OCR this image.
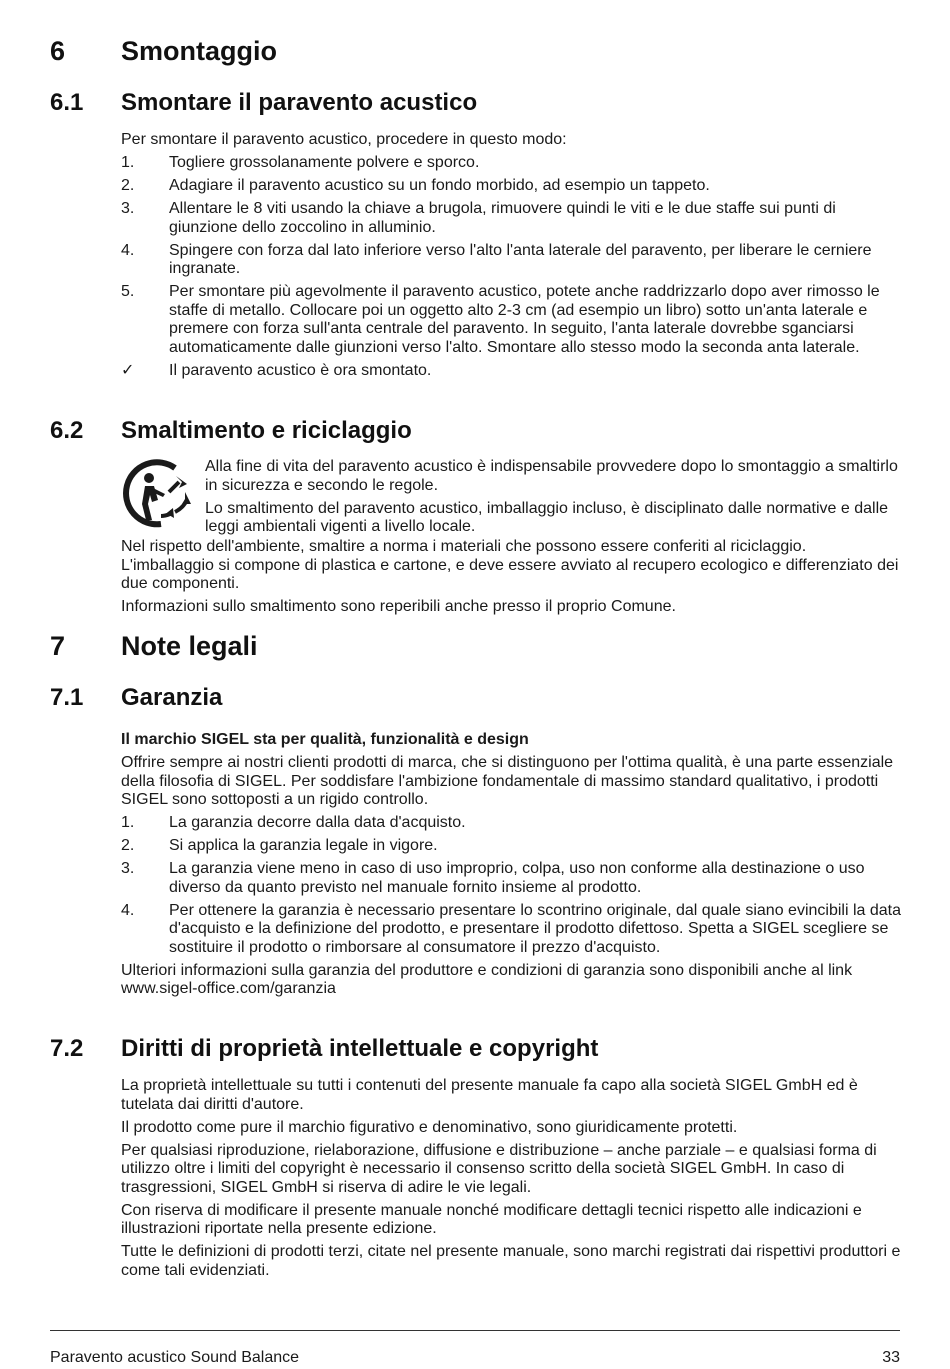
6 Smontaggio
6.1 Smontare il paravento acustico

Per smontare il paravento acustico, procedere in questo modo:

1. Togliere grossolanamente polvere e sporco.
2. Adagiare il paravento acustico su un fondo morbido, ad esempio un tappeto.
3. Allentare le 8 viti usando la chiave a brugola, rimuovere quindi le viti e le due staffe sui punti di giunzione dello zoccolino in alluminio.
4. Spingere con forza dal lato inferiore verso l'alto l'anta laterale del paravento, per liberare le cerniere ingranate.
5. Per smontare più agevolmente il paravento acustico, potete anche raddrizzarlo dopo aver rimosso le staffe di metallo. Collocare poi un oggetto alto 2-3 cm (ad esempio un libro) sotto un'anta laterale e premere con forza sull'anta centrale del paravento. In seguito, l'anta laterale dovrebbe sganciarsi automaticamente dalle giunzioni verso l'alto. Smontare allo stesso modo la seconda anta laterale.
✓ Il paravento acustico è ora smontato.
6.2 Smaltimento e riciclaggio

Alla fine di vita del paravento acustico è indispensabile provvedere dopo lo smontaggio a smaltirlo in sicurezza e secondo le regole.

Lo smaltimento del paravento acustico, imballaggio incluso, è disciplinato dalle normative e dalle leggi ambientali vigenti a livello locale.

Nel rispetto dell'ambiente, smaltire a norma i materiali che possono essere conferiti al riciclaggio. L'imballaggio si compone di plastica e cartone, e deve essere avviato al recupero ecologico e differenziato dei due componenti.

Informazioni sullo smaltimento sono reperibili anche presso il proprio Comune.

7 Note legali
7.1 Garanzia

Il marchio SIGEL sta per qualità, funzionalità e design

Offrire sempre ai nostri clienti prodotti di marca, che si distinguono per l'ottima qualità, è una parte essenziale della filosofia di SIGEL. Per soddisfare l'ambizione fondamentale di massimo standard qualitativo, i prodotti SIGEL sono sottoposti a un rigido controllo.

1. La garanzia decorre dalla data d'acquisto.
2. Si applica la garanzia legale in vigore.
3. La garanzia viene meno in caso di uso improprio, colpa, uso non conforme alla destinazione o uso diverso da quanto previsto nel manuale fornito insieme al prodotto.
4. Per ottenere la garanzia è necessario presentare lo scontrino originale, dal quale siano evincibili la data d'acquisto e la definizione del prodotto, e presentare il prodotto difettoso. Spetta a SIGEL scegliere se sostituire il prodotto o rimborsare al consumatore il prezzo d'acquisto.

Ulteriori informazioni sulla garanzia del produttore e condizioni di garanzia sono disponibili anche al link www.sigel-office.com/garanzia

7.2 Diritti di proprietà intellettuale e copyright

La proprietà intellettuale su tutti i contenuti del presente manuale fa capo alla società SIGEL GmbH ed è tutelata dai diritti d'autore.

Il prodotto come pure il marchio figurativo e denominativo, sono giuridicamente protetti.

Per qualsiasi riproduzione, rielaborazione, diffusione e distribuzione – anche parziale – e qualsiasi forma di utilizzo oltre i limiti del copyright è necessario il consenso scritto della società SIGEL GmbH. In caso di trasgressioni, SIGEL GmbH si riserva di adire le vie legali.

Con riserva di modificare il presente manuale nonché modificare dettagli tecnici rispetto alle indicazioni e illustrazioni riportate nella presente edizione.

Tutte le definizioni di prodotti terzi, citate nel presente manuale, sono marchi registrati dai rispettivi produttori e come tali evidenziati.

Paravento acustico Sound Balance	33
